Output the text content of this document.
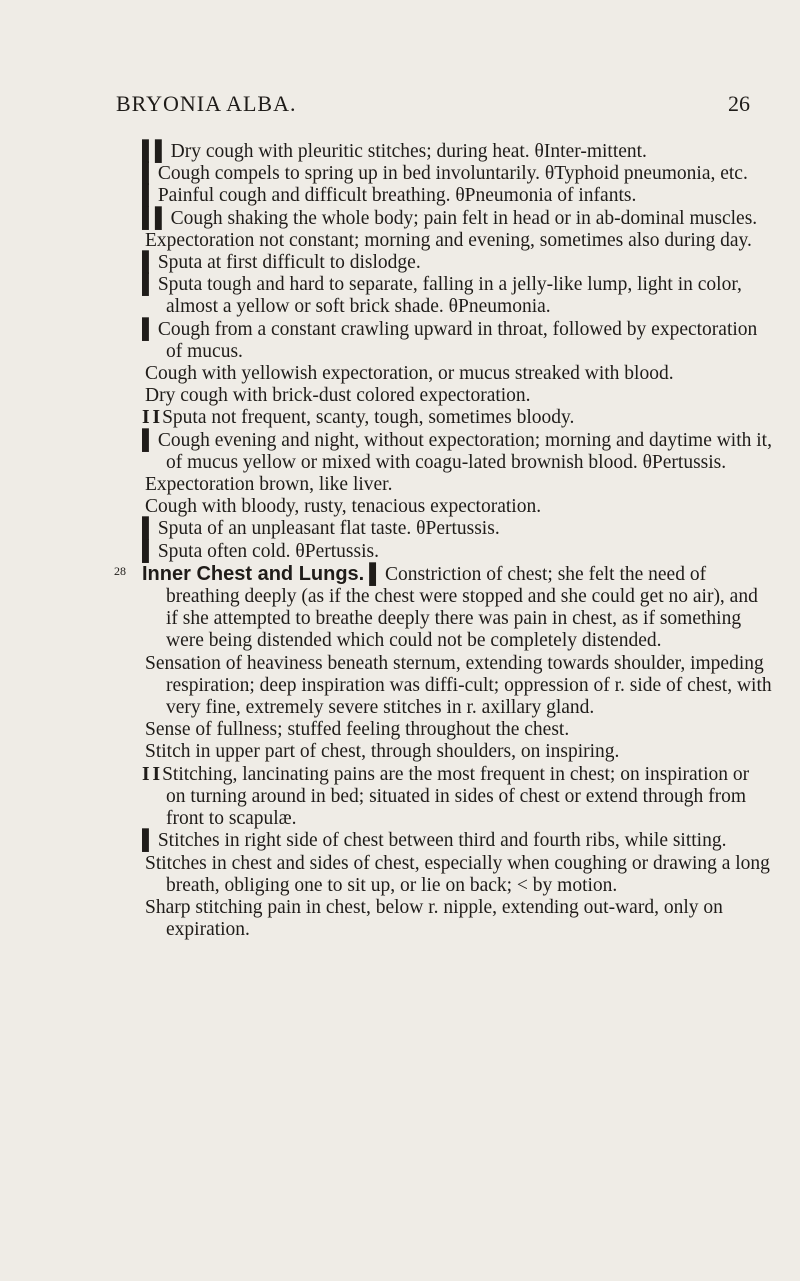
BRYONIA ALBA.	26

▌▌ Dry cough with pleuritic stitches; during heat. θInter-mittent.

▌ Cough compels to spring up in bed involuntarily. θTyphoid pneumonia, etc.

▌ Painful cough and difficult breathing. θPneumonia of infants.

▌▌ Cough shaking the whole body; pain felt in head or in ab-dominal muscles.

Expectoration not constant; morning and evening, sometimes also during day.

▌ Sputa at first difficult to dislodge.

▌ Sputa tough and hard to separate, falling in a jelly-like lump, light in color, almost a yellow or soft brick shade. θPneumonia.

▌ Cough from a constant crawling upward in throat, followed by expectoration of mucus.

Cough with yellowish expectoration, or mucus streaked with blood.

Dry cough with brick-dust colored expectoration.

I I Sputa not frequent, scanty, tough, sometimes bloody.

▌ Cough evening and night, without expectoration; morning and daytime with it, of mucus yellow or mixed with coagu-lated brownish blood. θPertussis.

Expectoration brown, like liver.

Cough with bloody, rusty, tenacious expectoration.

▌ Sputa of an unpleasant flat taste. θPertussis.

▌ Sputa often cold. θPertussis.

28 Inner Chest and Lungs. ▌ Constriction of chest; she felt the need of breathing deeply (as if the chest were stopped and she could get no air), and if she attempted to breathe deeply there was pain in chest, as if something were being distended which could not be completely distended.

Sensation of heaviness beneath sternum, extending towards shoulder, impeding respiration; deep inspiration was diffi-cult; oppression of r. side of chest, with very fine, extremely severe stitches in r. axillary gland.

Sense of fullness; stuffed feeling throughout the chest.

Stitch in upper part of chest, through shoulders, on inspiring.

I I Stitching, lancinating pains are the most frequent in chest; on inspiration or on turning around in bed; situated in sides of chest or extend through from front to scapulæ.

▌ Stitches in right side of chest between third and fourth ribs, while sitting.

Stitches in chest and sides of chest, especially when coughing or drawing a long breath, obliging one to sit up, or lie on back; < by motion.

Sharp stitching pain in chest, below r. nipple, extending out-ward, only on expiration.
